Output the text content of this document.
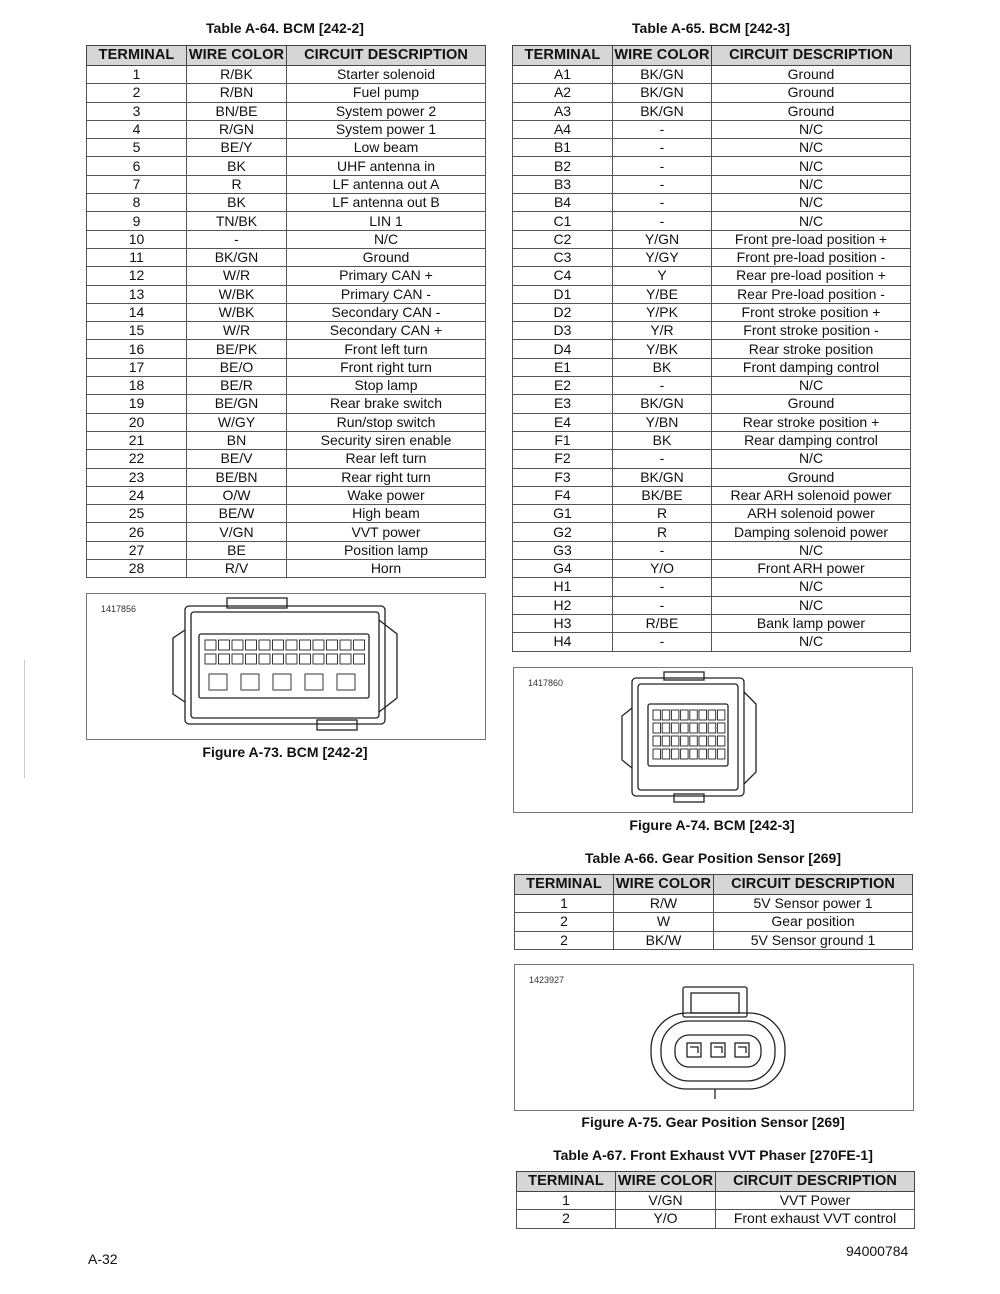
Table A-64. BCM [242-2]
TERMINAL	WIRE COLOR	CIRCUIT DESCRIPTION
1	R/BK	Starter solenoid
2	R/BN	Fuel pump
3	BN/BE	System power 2
4	R/GN	System power 1
5	BE/Y	Low beam
6	BK	UHF antenna in
7	R	LF antenna out A
8	BK	LF antenna out B
9	TN/BK	LIN 1
10	-	N/C
11	BK/GN	Ground
12	W/R	Primary CAN +
13	W/BK	Primary CAN -
14	W/BK	Secondary CAN -
15	W/R	Secondary CAN +
16	BE/PK	Front left turn
17	BE/O	Front right turn
18	BE/R	Stop lamp
19	BE/GN	Rear brake switch
20	W/GY	Run/stop switch
21	BN	Security siren enable
22	BE/V	Rear left turn
23	BE/BN	Rear right turn
24	O/W	Wake power
25	BE/W	High beam
26	V/GN	VVT power
27	BE	Position lamp
28	R/V	Horn
1417856
Figure A-73. BCM [242-2]
Table A-65. BCM [242-3]
TERMINAL	WIRE COLOR	CIRCUIT DESCRIPTION
A1	BK/GN	Ground
A2	BK/GN	Ground
A3	BK/GN	Ground
A4	-	N/C
B1	-	N/C
B2	-	N/C
B3	-	N/C
B4	-	N/C
C1	-	N/C
C2	Y/GN	Front pre-load position +
C3	Y/GY	Front pre-load position -
C4	Y	Rear pre-load position +
D1	Y/BE	Rear Pre-load position -
D2	Y/PK	Front stroke position +
D3	Y/R	Front stroke position -
D4	Y/BK	Rear stroke position
E1	BK	Front damping control
E2	-	N/C
E3	BK/GN	Ground
E4	Y/BN	Rear stroke position +
F1	BK	Rear damping control
F2	-	N/C
F3	BK/GN	Ground
F4	BK/BE	Rear ARH solenoid power
G1	R	ARH solenoid power
G2	R	Damping solenoid power
G3	-	N/C
G4	Y/O	Front ARH power
H1	-	N/C
H2	-	N/C
H3	R/BE	Bank lamp power
H4	-	N/C
1417860
Figure A-74. BCM [242-3]
Table A-66. Gear Position Sensor [269]
TERMINAL	WIRE COLOR	CIRCUIT DESCRIPTION
1	R/W	5V Sensor power 1
2	W	Gear position
2	BK/W	5V Sensor ground 1
1423927
Figure A-75. Gear Position Sensor [269]
Table A-67. Front Exhaust VVT Phaser [270FE-1]
TERMINAL	WIRE COLOR	CIRCUIT DESCRIPTION
1	V/GN	VVT Power
2	Y/O	Front exhaust VVT control
A-32	94000784
